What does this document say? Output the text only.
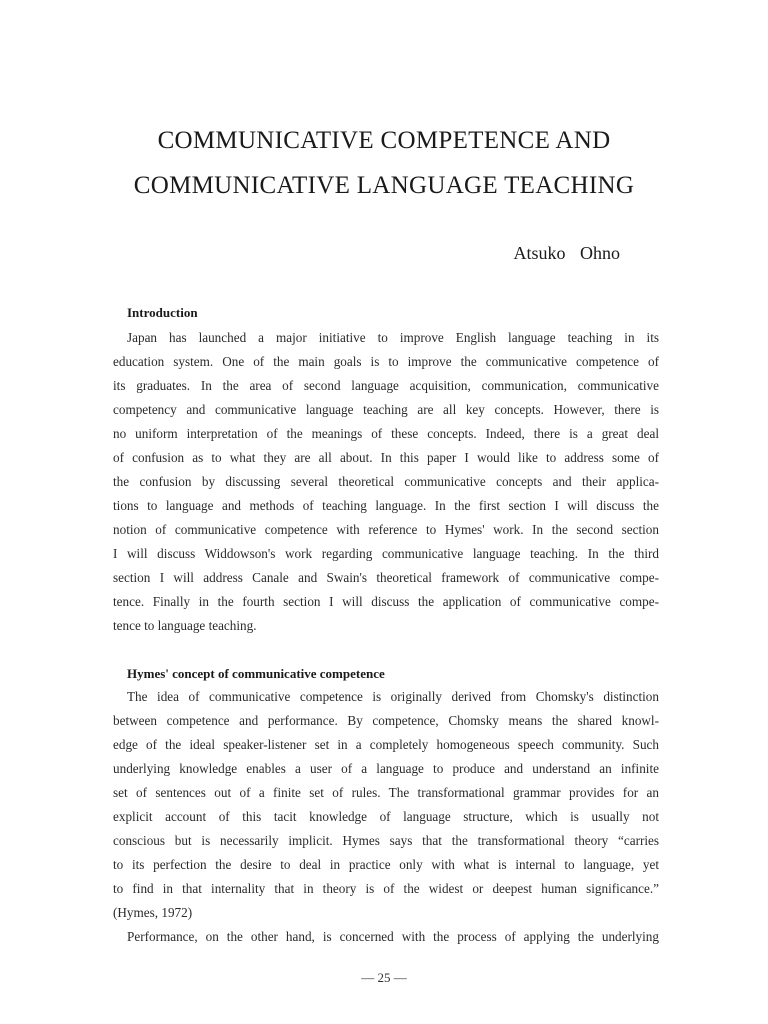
COMMUNICATIVE COMPETENCE AND
COMMUNICATIVE LANGUAGE TEACHING
Atsuko Ohno
Introduction
Japan has launched a major initiative to improve English language teaching in its
education system. One of the main goals is to improve the communicative competence of
its graduates. In the area of second language acquisition, communication, communicative
competency and communicative language teaching are all key concepts. However, there is
no uniform interpretation of the meanings of these concepts. Indeed, there is a great deal
of confusion as to what they are all about. In this paper I would like to address some of
the confusion by discussing several theoretical communicative concepts and their applica-
tions to language and methods of teaching language. In the first section I will discuss the
notion of communicative competence with reference to Hymes' work. In the second section
I will discuss Widdowson's work regarding communicative language teaching. In the third
section I will address Canale and Swain's theoretical framework of communicative compe-
tence. Finally in the fourth section I will discuss the application of communicative compe-
tence to language teaching.
Hymes' concept of communicative competence
The idea of communicative competence is originally derived from Chomsky's distinction
between competence and performance. By competence, Chomsky means the shared knowl-
edge of the ideal speaker-listener set in a completely homogeneous speech community. Such
underlying knowledge enables a user of a language to produce and understand an infinite
set of sentences out of a finite set of rules. The transformational grammar provides for an
explicit account of this tacit knowledge of language structure, which is usually not
conscious but is necessarily implicit. Hymes says that the transformational theory “carries
to its perfection the desire to deal in practice only with what is internal to language, yet
to find in that internality that in theory is of the widest or deepest human significance.”
(Hymes, 1972)
Performance, on the other hand, is concerned with the process of applying the underlying
— 25 —
